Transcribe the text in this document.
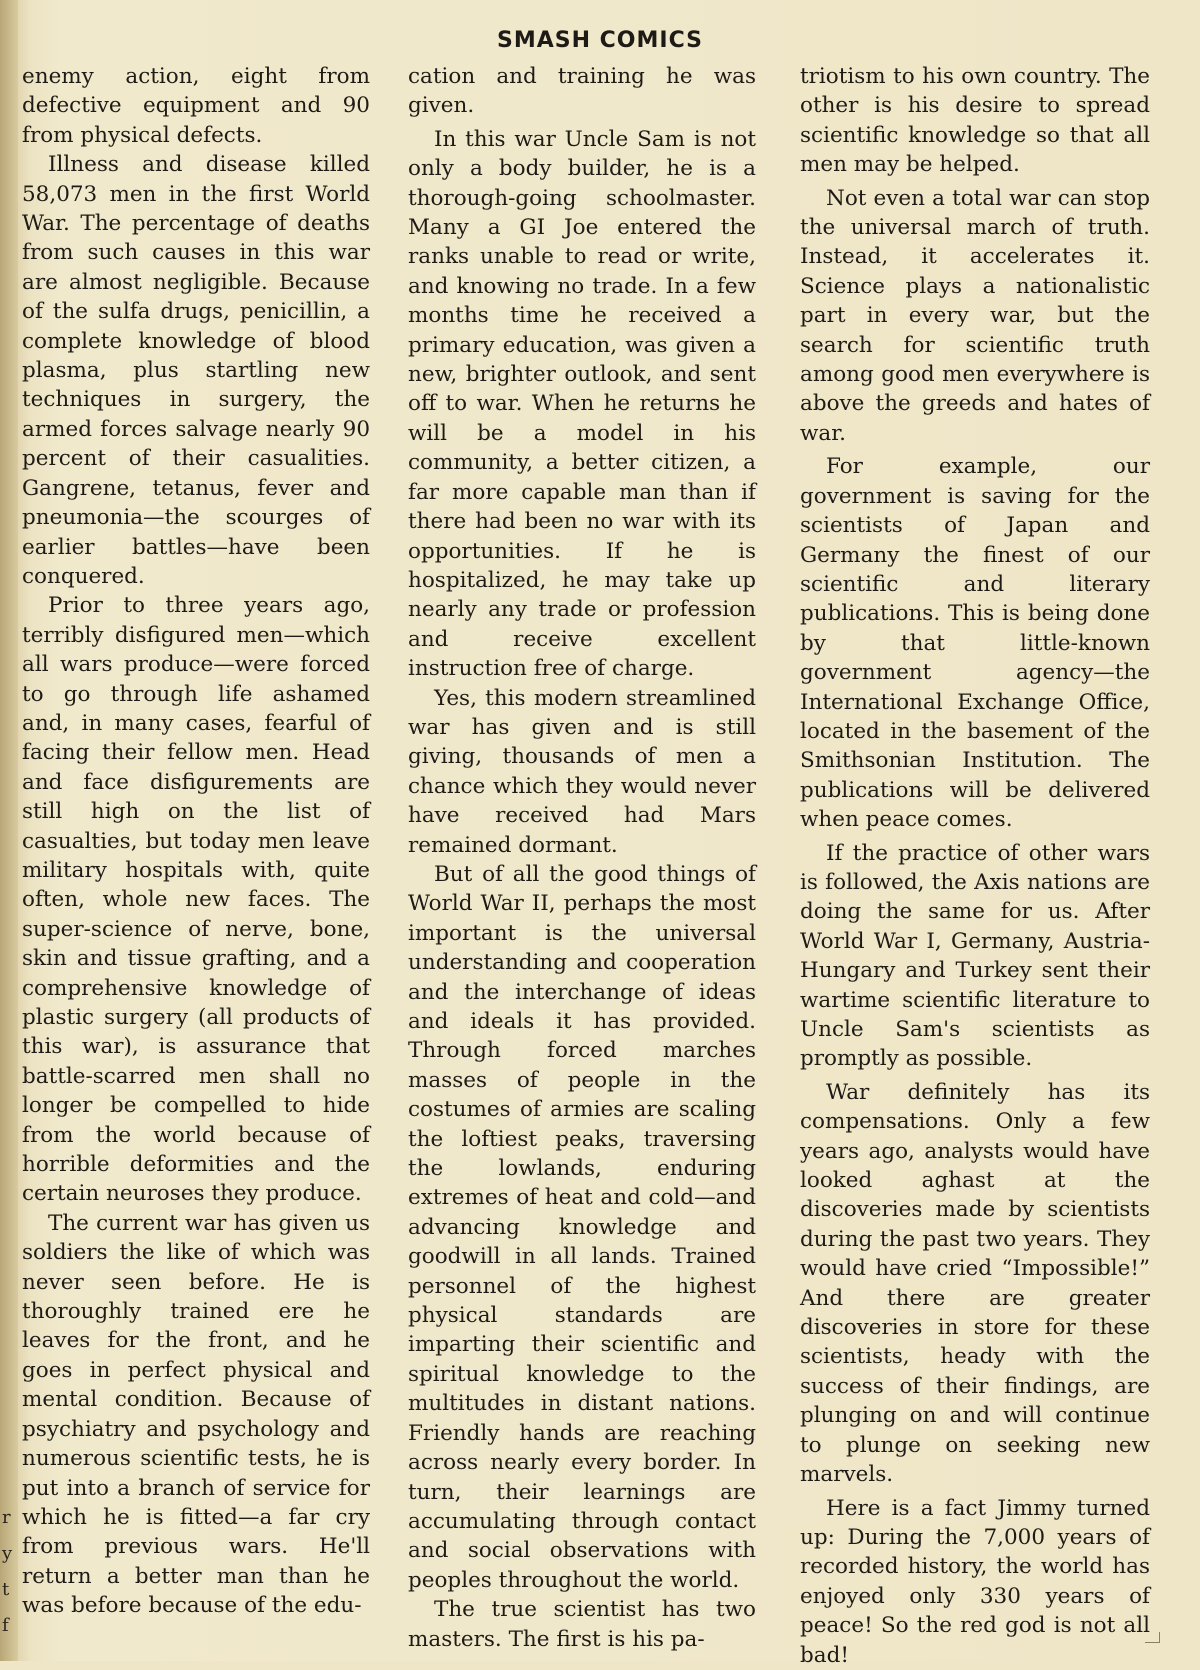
r
y
t
f
SMASH COMICS

enemy action, eight from defective equipment and 90 from physical defects.

Illness and disease killed 58,073 men in the first World War. The percentage of deaths from such causes in this war are almost negligible. Because of the sulfa drugs, penicillin, a complete knowledge of blood plasma, plus startling new techniques in surgery, the armed forces salvage nearly 90 percent of their casualities. Gangrene, tetanus, fever and pneumonia—the scourges of earlier battles—have been conquered.

Prior to three years ago, terribly disfigured men—which all wars produce—were forced to go through life ashamed and, in many cases, fearful of facing their fellow men. Head and face disfigurements are still high on the list of casualties, but today men leave military hospitals with, quite often, whole new faces. The super-science of nerve, bone, skin and tissue grafting, and a comprehensive knowledge of plastic surgery (all products of this war), is assurance that battle-scarred men shall no longer be compelled to hide from the world because of horrible deformities and the certain neuroses they produce.

The current war has given us soldiers the like of which was never seen before. He is thoroughly trained ere he leaves for the front, and he goes in perfect physical and mental condition. Because of psychiatry and psychology and numerous scientific tests, he is put into a branch of service for which he is fitted—a far cry from previous wars. He'll return a better man than he was before because of the edu-

cation and training he was given.

In this war Uncle Sam is not only a body builder, he is a thorough-going schoolmaster. Many a GI Joe entered the ranks unable to read or write, and knowing no trade. In a few months time he received a primary education, was given a new, brighter outlook, and sent off to war. When he returns he will be a model in his community, a better citizen, a far more capable man than if there had been no war with its opportunities. If he is hospitalized, he may take up nearly any trade or profession and receive excellent instruction free of charge.

Yes, this modern streamlined war has given and is still giving, thousands of men a chance which they would never have received had Mars remained dormant.

But of all the good things of World War II, perhaps the most important is the universal understanding and cooperation and the interchange of ideas and ideals it has provided. Through forced marches masses of people in the costumes of armies are scaling the loftiest peaks, traversing the lowlands, enduring extremes of heat and cold—and advancing knowledge and goodwill in all lands. Trained personnel of the highest physical standards are imparting their scientific and spiritual knowledge to the multitudes in distant nations. Friendly hands are reaching across nearly every border. In turn, their learnings are accumulating through contact and social observations with peoples throughout the world.

The true scientist has two masters. The first is his pa-

triotism to his own country. The other is his desire to spread scientific knowledge so that all men may be helped.

Not even a total war can stop the universal march of truth. Instead, it accelerates it. Science plays a nationalistic part in every war, but the search for scientific truth among good men everywhere is above the greeds and hates of war.

For example, our government is saving for the scientists of Japan and Germany the finest of our scientific and literary publications. This is being done by that little-known government agency—the International Exchange Office, located in the basement of the Smithsonian Institution. The publications will be delivered when peace comes.

If the practice of other wars is followed, the Axis nations are doing the same for us. After World War I, Germany, Austria-Hungary and Turkey sent their wartime scientific literature to Uncle Sam's scientists as promptly as possible.

War definitely has its compensations. Only a few years ago, analysts would have looked aghast at the discoveries made by scientists during the past two years. They would have cried “Impossible!” And there are greater discoveries in store for these scientists, heady with the success of their findings, are plunging on and will continue to plunge on seeking new marvels.

Here is a fact Jimmy turned up: During the 7,000 years of recorded history, the world has enjoyed only 330 years of peace! So the red god is not all bad!
